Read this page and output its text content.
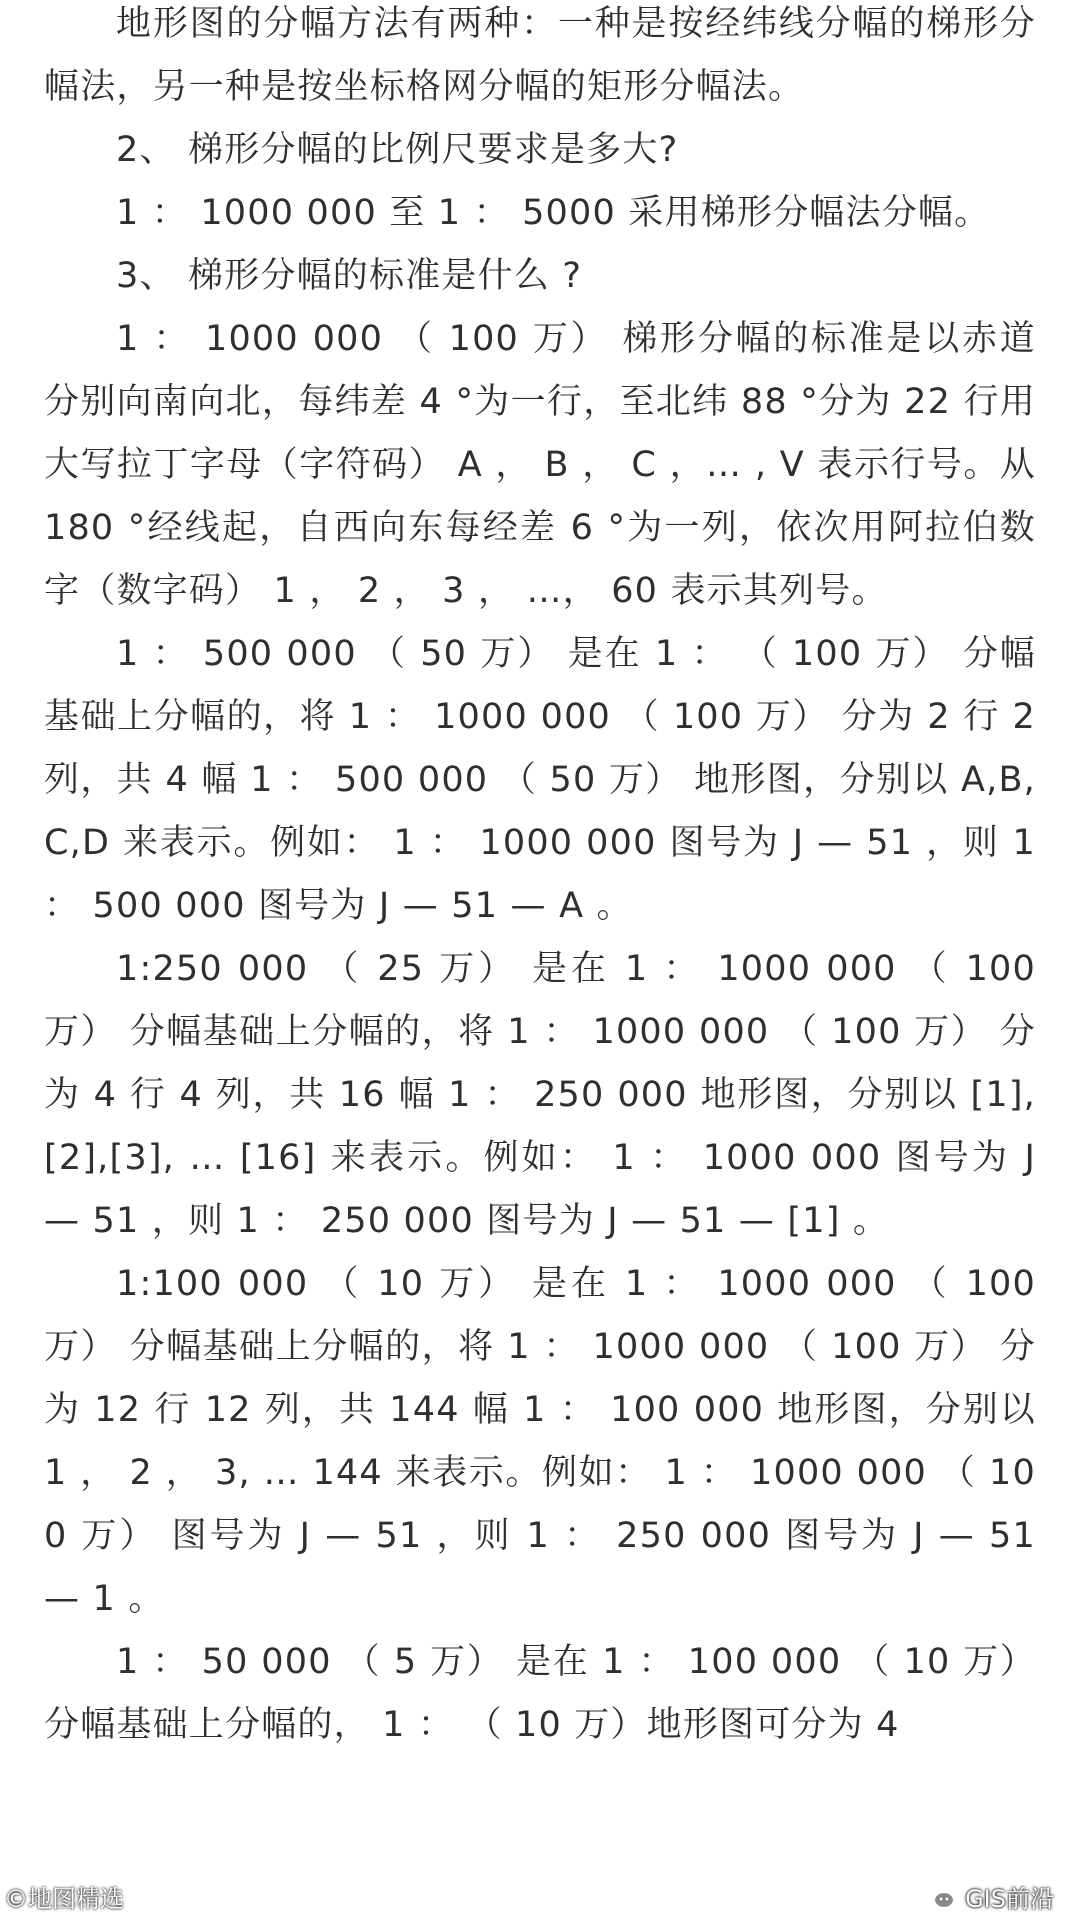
地形图的分幅方法有两种：一种是按经纬线分幅的梯形分幅法，另一种是按坐标格网分幅的矩形分幅法。

2、 梯形分幅的比例尺要求是多大?

1 ： 1000 000 至 1 ： 5000 采用梯形分幅法分幅。

3、 梯形分幅的标准是什么 ?

1 ： 1000 000 （ 100 万） 梯形分幅的标准是以赤道分别向南向北，每纬差 4 °为一行，至北纬 88 °分为 22 行用大写拉丁字母（字符码） A ， B ， C ，… , V 表示行号。从 180 °经线起，自西向东每经差 6 °为一列，依次用阿拉伯数字（数字码） 1 ， 2 ， 3 ， …， 60 表示其列号。

1 ： 500 000 （ 50 万） 是在 1 ： （ 100 万） 分幅基础上分幅的，将 1 ： 1000 000 （ 100 万） 分为 2 行 2 列，共 4 幅 1 ： 500 000 （ 50 万） 地形图，分别以 A,B,C,D 来表示。例如： 1 ： 1000 000 图号为 J — 51 ，则 1 ： 500 000 图号为 J — 51 — A 。

1:250 000 （ 25 万） 是在 1 ： 1000 000 （ 100 万） 分幅基础上分幅的，将 1 ： 1000 000 （ 100 万） 分为 4 行 4 列，共 16 幅 1 ： 250 000 地形图，分别以 [1],[2],[3], … [16] 来表示。例如： 1 ： 1000 000 图号为 J — 51 ，则 1 ： 250 000 图号为 J — 51 — [1] 。

1:100 000 （ 10 万） 是在 1 ： 1000 000 （ 100 万） 分幅基础上分幅的，将 1 ： 1000 000 （ 100 万） 分为 12 行 12 列，共 144 幅 1 ： 100 000 地形图，分别以 1 ， 2 ， 3, … 144 来表示。例如： 1 ： 1000 000 （ 100 万） 图号为 J — 51 ，则 1 ： 250 000 图号为 J — 51 — 1 。

1 ： 50 000 （ 5 万） 是在 1 ： 100 000 （ 10 万） 分幅基础上分幅的， 1 ： （ 10 万）地形图可分为 4

©地图精选	GIS前沿
